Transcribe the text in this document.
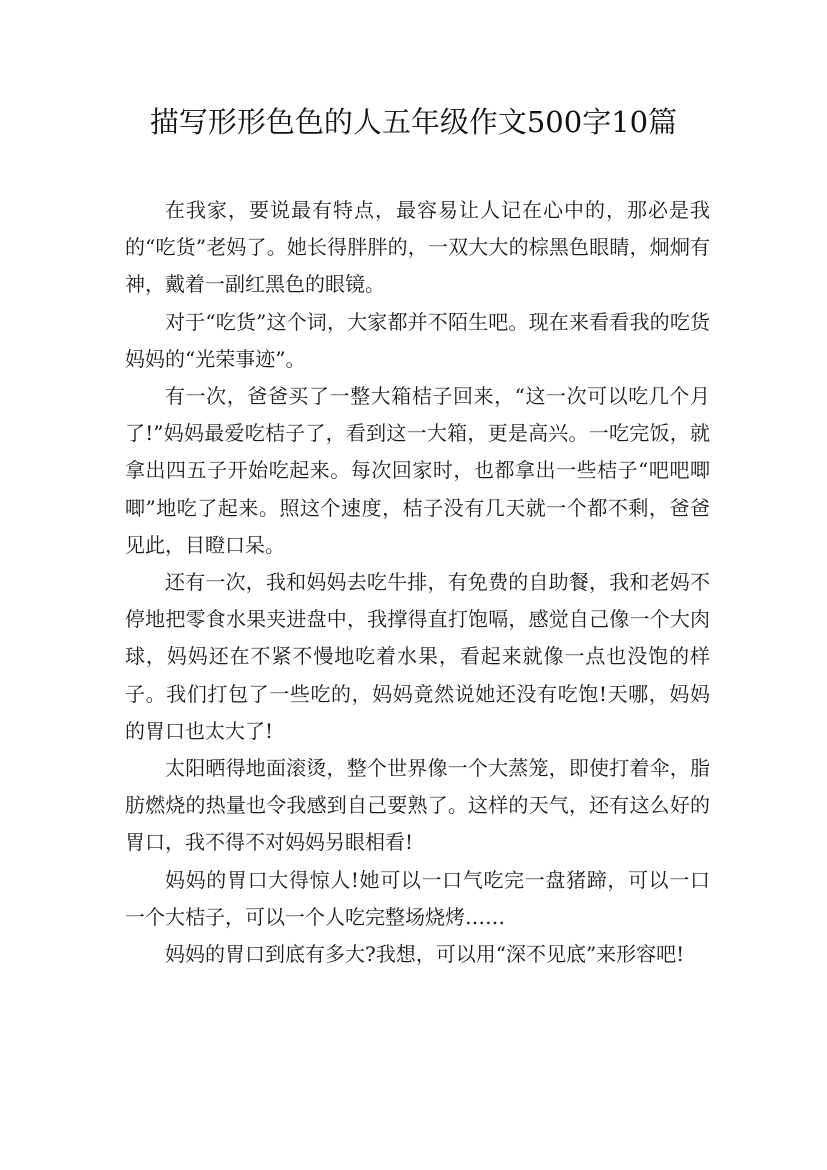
描写形形色色的人五年级作文500字10篇

在我家，要说最有特点，最容易让人记在心中的，那必是我的“吃货”老妈了。她长得胖胖的，一双大大的棕黑色眼睛，炯炯有神，戴着一副红黑色的眼镜。

对于“吃货”这个词，大家都并不陌生吧。现在来看看我的吃货妈妈的“光荣事迹”。

有一次，爸爸买了一整大箱桔子回来，“这一次可以吃几个月了!”妈妈最爱吃桔子了，看到这一大箱，更是高兴。一吃完饭，就拿出四五子开始吃起来。每次回家时，也都拿出一些桔子“吧吧唧唧”地吃了起来。照这个速度，桔子没有几天就一个都不剩，爸爸见此，目瞪口呆。

还有一次，我和妈妈去吃牛排，有免费的自助餐，我和老妈不停地把零食水果夹进盘中，我撑得直打饱嗝，感觉自己像一个大肉球，妈妈还在不紧不慢地吃着水果，看起来就像一点也没饱的样子。我们打包了一些吃的，妈妈竟然说她还没有吃饱!天哪，妈妈的胃口也太大了!

太阳晒得地面滚烫，整个世界像一个大蒸笼，即使打着伞，脂肪燃烧的热量也令我感到自己要熟了。这样的天气，还有这么好的胃口，我不得不对妈妈另眼相看!

妈妈的胃口大得惊人!她可以一口气吃完一盘猪蹄，可以一口一个大桔子，可以一个人吃完整场烧烤……

妈妈的胃口到底有多大?我想，可以用“深不见底”来形容吧!
